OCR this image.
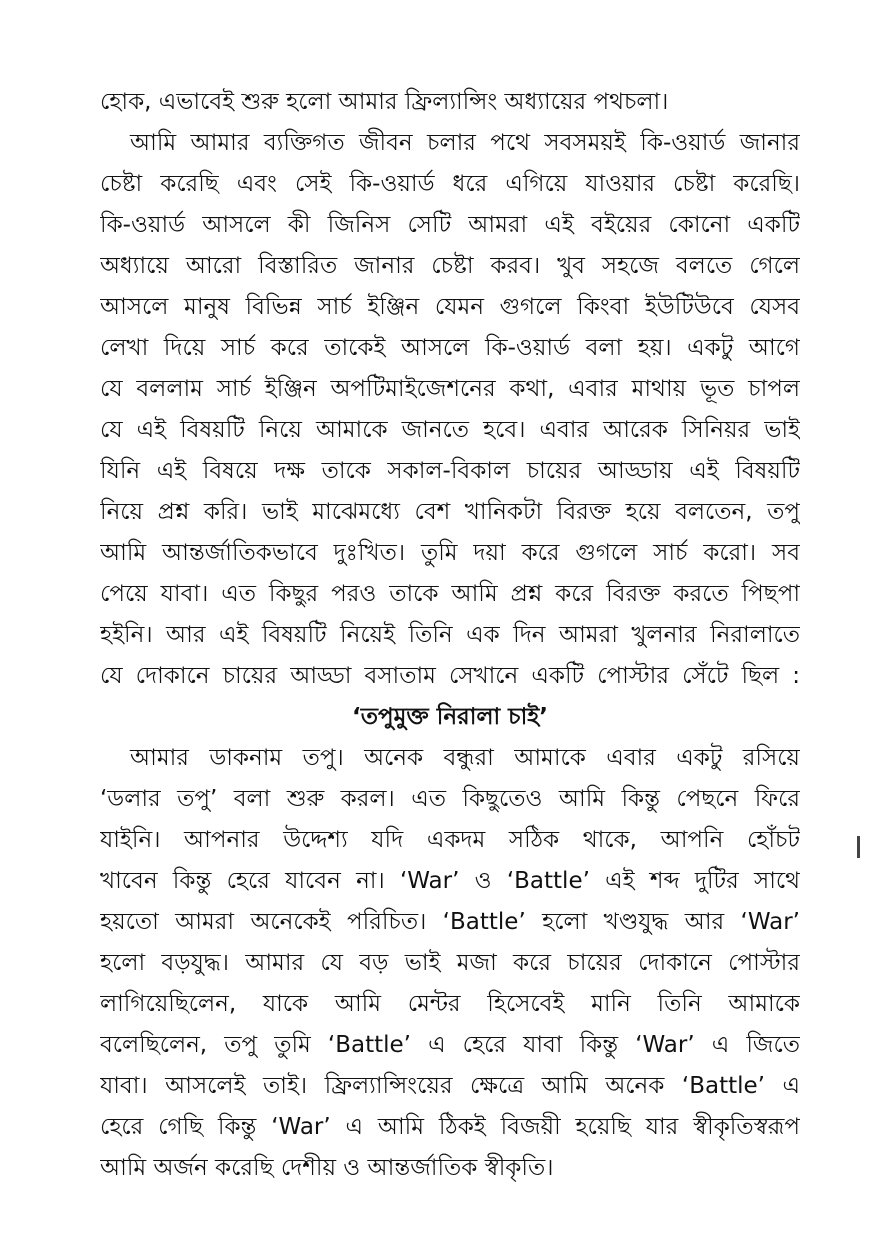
হোক, এভাবেই শুরু হলো আমার ফ্রিল্যান্সিং অধ্যায়ের পথচলা।
আমি আমার ব্যক্তিগত জীবন চলার পথে সবসময়ই কি-ওয়ার্ড জানার
চেষ্টা করেছি এবং সেই কি-ওয়ার্ড ধরে এগিয়ে যাওয়ার চেষ্টা করেছি।
কি-ওয়ার্ড আসলে কী জিনিস সেটি আমরা এই বইয়ের কোনো একটি
অধ্যায়ে আরো বিস্তারিত জানার চেষ্টা করব। খুব সহজে বলতে গেলে
আসলে মানুষ বিভিন্ন সার্চ ইঞ্জিন যেমন গুগলে কিংবা ইউটিউবে যেসব
লেখা দিয়ে সার্চ করে তাকেই আসলে কি-ওয়ার্ড বলা হয়। একটু আগে
যে বললাম সার্চ ইঞ্জিন অপটিমাইজেশনের কথা, এবার মাথায় ভূত চাপল
যে এই বিষয়টি নিয়ে আমাকে জানতে হবে। এবার আরেক সিনিয়র ভাই
যিনি এই বিষয়ে দক্ষ তাকে সকাল-বিকাল চায়ের আড্ডায় এই বিষয়টি
নিয়ে প্রশ্ন করি। ভাই মাঝেমধ্যে বেশ খানিকটা বিরক্ত হয়ে বলতেন, তপু
আমি আন্তর্জাতিকভাবে দুঃখিত। তুমি দয়া করে গুগলে সার্চ করো। সব
পেয়ে যাবা। এত কিছুর পরও তাকে আমি প্রশ্ন করে বিরক্ত করতে পিছপা
হইনি। আর এই বিষয়টি নিয়েই তিনি এক দিন আমরা খুলনার নিরালাতে
যে দোকানে চায়ের আড্ডা বসাতাম সেখানে একটি পোস্টার সেঁটে ছিল :
‘তপুমুক্ত নিরালা চাই’
আমার ডাকনাম তপু। অনেক বন্ধুরা আমাকে এবার একটু রসিয়ে
‘ডলার তপু’ বলা শুরু করল। এত কিছুতেও আমি কিন্তু পেছনে ফিরে
যাইনি। আপনার উদ্দেশ্য যদি একদম সঠিক থাকে, আপনি হোঁচট
খাবেন কিন্তু হেরে যাবেন না। ‘War’ ও ‘Battle’ এই শব্দ দুটির সাথে
হয়তো আমরা অনেকেই পরিচিত। ‘Battle’ হলো খণ্ডযুদ্ধ আর ‘War’
হলো বড়যুদ্ধ। আমার যে বড় ভাই মজা করে চায়ের দোকানে পোস্টার
লাগিয়েছিলেন, যাকে আমি মেন্টর হিসেবেই মানি তিনি আমাকে
বলেছিলেন, তপু তুমি ‘Battle’ এ হেরে যাবা কিন্তু ‘War’ এ জিতে
যাবা। আসলেই তাই। ফ্রিল্যান্সিংয়ের ক্ষেত্রে আমি অনেক ‘Battle’ এ
হেরে গেছি কিন্তু ‘War’ এ আমি ঠিকই বিজয়ী হয়েছি যার স্বীকৃতিস্বরূপ
আমি অর্জন করেছি দেশীয় ও আন্তর্জাতিক স্বীকৃতি।
